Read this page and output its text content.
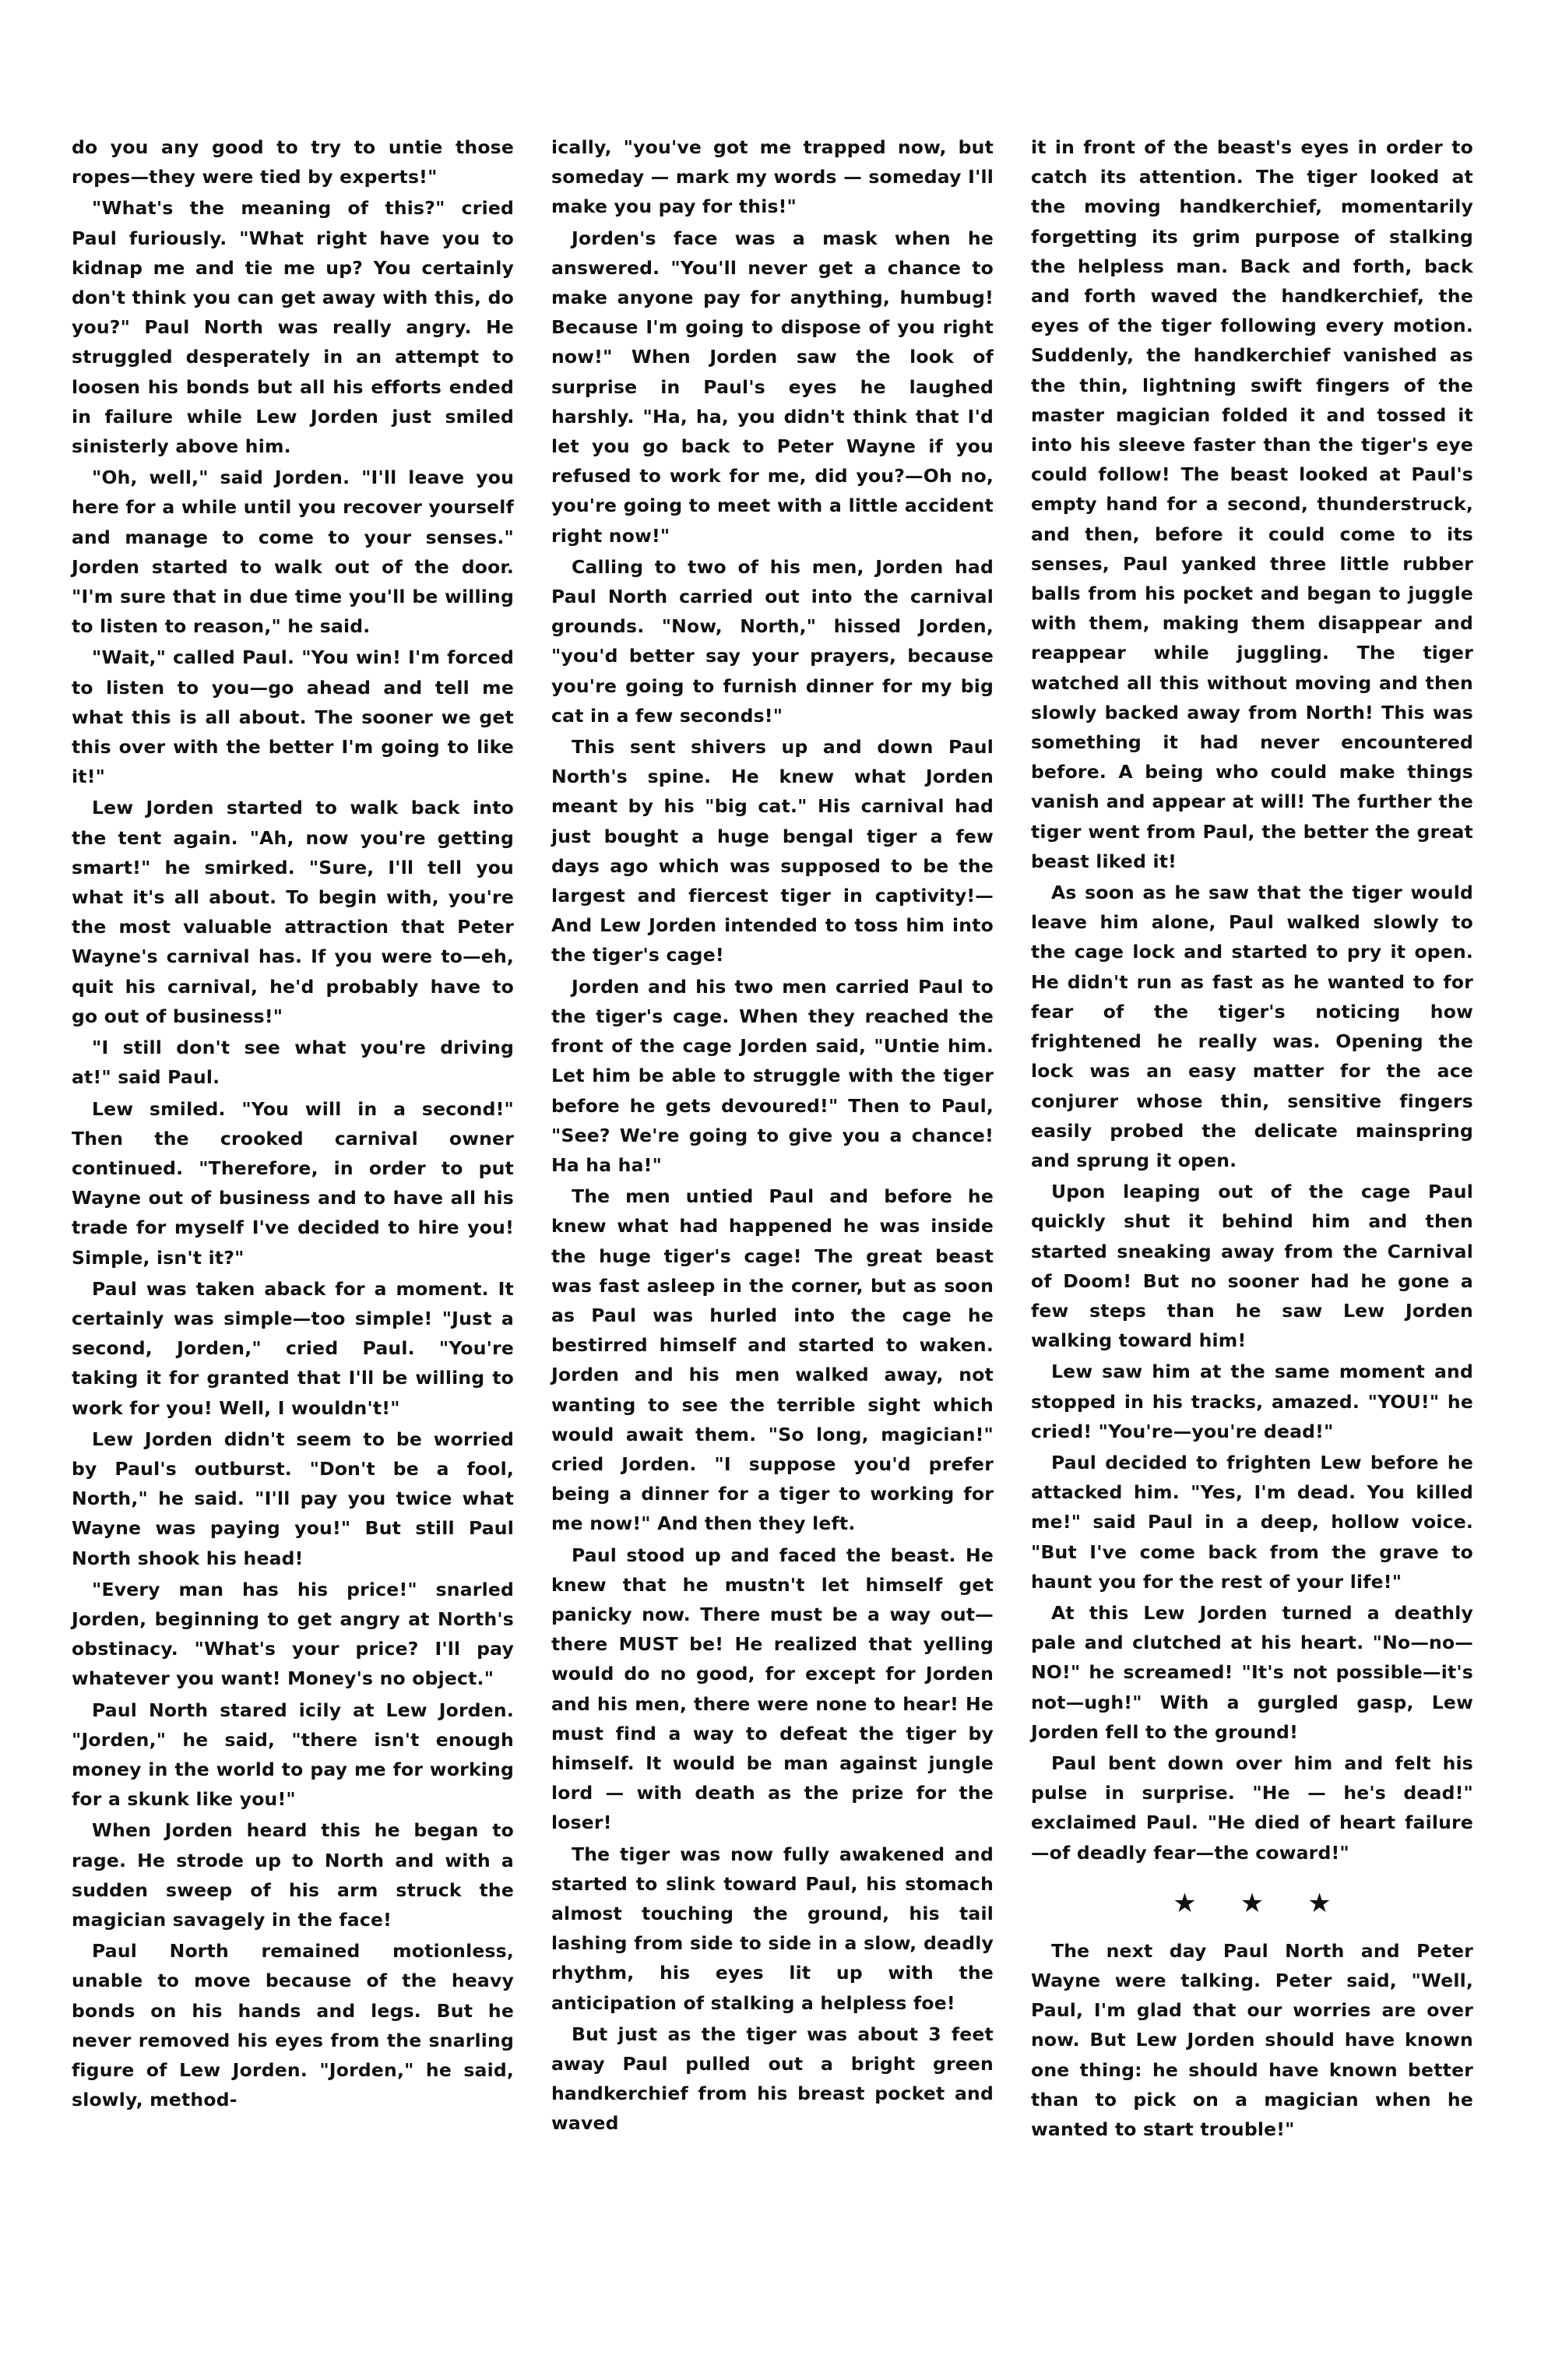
do you any good to try to untie those ropes—they were tied by experts!"

"What's the meaning of this?" cried Paul furiously. "What right have you to kidnap me and tie me up? You certainly don't think you can get away with this, do you?" Paul North was really angry. He struggled desperately in an attempt to loosen his bonds but all his efforts ended in failure while Lew Jorden just smiled sinisterly above him.

"Oh, well," said Jorden. "I'll leave you here for a while until you recover yourself and manage to come to your senses." Jorden started to walk out of the door. "I'm sure that in due time you'll be willing to listen to reason," he said.

"Wait," called Paul. "You win! I'm forced to listen to you—go ahead and tell me what this is all about. The sooner we get this over with the better I'm going to like it!"

Lew Jorden started to walk back into the tent again. "Ah, now you're getting smart!" he smirked. "Sure, I'll tell you what it's all about. To begin with, you're the most valuable attraction that Peter Wayne's carnival has. If you were to—eh, quit his carnival, he'd probably have to go out of business!"

"I still don't see what you're driving at!" said Paul.

Lew smiled. "You will in a second!" Then the crooked carnival owner continued. "Therefore, in order to put Wayne out of business and to have all his trade for myself I've decided to hire you! Simple, isn't it?"

Paul was taken aback for a moment. It certainly was simple—too simple! "Just a second, Jorden," cried Paul. "You're taking it for granted that I'll be willing to work for you! Well, I wouldn't!"

Lew Jorden didn't seem to be worried by Paul's outburst. "Don't be a fool, North," he said. "I'll pay you twice what Wayne was paying you!" But still Paul North shook his head!

"Every man has his price!" snarled Jorden, beginning to get angry at North's obstinacy. "What's your price? I'll pay whatever you want! Money's no object."

Paul North stared icily at Lew Jorden. "Jorden," he said, "there isn't enough money in the world to pay me for working for a skunk like you!"

When Jorden heard this he began to rage. He strode up to North and with a sudden sweep of his arm struck the magician savagely in the face!

Paul North remained motionless, unable to move because of the heavy bonds on his hands and legs. But he never removed his eyes from the snarling figure of Lew Jorden. "Jorden," he said, slowly, method-

ically, "you've got me trapped now, but someday — mark my words — someday I'll make you pay for this!"

Jorden's face was a mask when he answered. "You'll never get a chance to make anyone pay for anything, humbug! Because I'm going to dispose of you right now!" When Jorden saw the look of surprise in Paul's eyes he laughed harshly. "Ha, ha, you didn't think that I'd let you go back to Peter Wayne if you refused to work for me, did you?—Oh no, you're going to meet with a little accident right now!"

Calling to two of his men, Jorden had Paul North carried out into the carnival grounds. "Now, North," hissed Jorden, "you'd better say your prayers, because you're going to furnish dinner for my big cat in a few seconds!"

This sent shivers up and down Paul North's spine. He knew what Jorden meant by his "big cat." His carnival had just bought a huge bengal tiger a few days ago which was supposed to be the largest and fiercest tiger in captivity!—And Lew Jorden intended to toss him into the tiger's cage!

Jorden and his two men carried Paul to the tiger's cage. When they reached the front of the cage Jorden said, "Untie him. Let him be able to struggle with the tiger before he gets devoured!" Then to Paul, "See? We're going to give you a chance! Ha ha ha!"

The men untied Paul and before he knew what had happened he was inside the huge tiger's cage! The great beast was fast asleep in the corner, but as soon as Paul was hurled into the cage he bestirred himself and started to waken. Jorden and his men walked away, not wanting to see the terrible sight which would await them. "So long, magician!" cried Jorden. "I suppose you'd prefer being a dinner for a tiger to working for me now!" And then they left.

Paul stood up and faced the beast. He knew that he mustn't let himself get panicky now. There must be a way out—there MUST be! He realized that yelling would do no good, for except for Jorden and his men, there were none to hear! He must find a way to defeat the tiger by himself. It would be man against jungle lord — with death as the prize for the loser!

The tiger was now fully awakened and started to slink toward Paul, his stomach almost touching the ground, his tail lashing from side to side in a slow, deadly rhythm, his eyes lit up with the anticipation of stalking a helpless foe!

But just as the tiger was about 3 feet away Paul pulled out a bright green handkerchief from his breast pocket and waved

it in front of the beast's eyes in order to catch its attention. The tiger looked at the moving handkerchief, momentarily forgetting its grim purpose of stalking the helpless man. Back and forth, back and forth waved the handkerchief, the eyes of the tiger following every motion. Suddenly, the handkerchief vanished as the thin, lightning swift fingers of the master magician folded it and tossed it into his sleeve faster than the tiger's eye could follow! The beast looked at Paul's empty hand for a second, thunderstruck, and then, before it could come to its senses, Paul yanked three little rubber balls from his pocket and began to juggle with them, making them disappear and reappear while juggling. The tiger watched all this without moving and then slowly backed away from North! This was something it had never encountered before. A being who could make things vanish and appear at will! The further the tiger went from Paul, the better the great beast liked it!

As soon as he saw that the tiger would leave him alone, Paul walked slowly to the cage lock and started to pry it open. He didn't run as fast as he wanted to for fear of the tiger's noticing how frightened he really was. Opening the lock was an easy matter for the ace conjurer whose thin, sensitive fingers easily probed the delicate mainspring and sprung it open.

Upon leaping out of the cage Paul quickly shut it behind him and then started sneaking away from the Carnival of Doom! But no sooner had he gone a few steps than he saw Lew Jorden walking toward him!

Lew saw him at the same moment and stopped in his tracks, amazed. "YOU!" he cried! "You're—you're dead!"

Paul decided to frighten Lew before he attacked him. "Yes, I'm dead. You killed me!" said Paul in a deep, hollow voice. "But I've come back from the grave to haunt you for the rest of your life!"

At this Lew Jorden turned a deathly pale and clutched at his heart. "No—no—NO!" he screamed! "It's not possible—it's not—ugh!" With a gurgled gasp, Lew Jorden fell to the ground!

Paul bent down over him and felt his pulse in surprise. "He — he's dead!" exclaimed Paul. "He died of heart failure—of deadly fear—the coward!"

★★★

The next day Paul North and Peter Wayne were talking. Peter said, "Well, Paul, I'm glad that our worries are over now. But Lew Jorden should have known one thing: he should have known better than to pick on a magician when he wanted to start trouble!"
